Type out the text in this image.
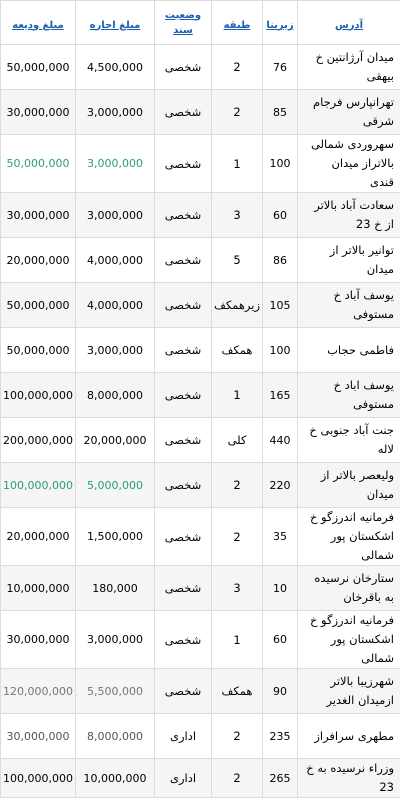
آدرس	زیربنا	طبقه	وضعیت سند	مبلغ اجاره	مبلغ ودیعه
میدان آرژانتین خ بیهقی	76	2	شخصی	4,500,000	50,000,000
تهرانپارس فرجام شرقی	85	2	شخصی	3,000,000	30,000,000
سهروردی شمالی بالاتراز میدان قندی	100	1	شخصی	3,000,000	50,000,000
سعادت آباد بالاتر از خ 23	60	3	شخصی	3,000,000	30,000,000
توانیر بالاتر از میدان	86	5	شخصی	4,000,000	20,000,000
یوسف آباد خ مستوفی	105	زیرهمکف	شخصی	4,000,000	50,000,000
فاطمی حجاب	100	همکف	شخصی	3,000,000	50,000,000
یوسف اباد خ مستوفی	165	1	شخصی	8,000,000	100,000,000
جنت آباد جنوبی خ لاله	440	کلی	شخصی	20,000,000	200,000,000
ولیعصر بالاتر از میدان	220	2	شخصی	5,000,000	100,000,000
فرمانیه اندرزگو خ اشکستان پور شمالی	35	2	شخصی	1,500,000	20,000,000
ستارخان نرسیده به باقرخان	10	3	شخصی	180,000	10,000,000
فرمانیه اندرزگو خ اشکستان پور شمالی	60	1	شخصی	3,000,000	30,000,000
شهرزیبا بالاتر ازمیدان الغدیر	90	همکف	شخصی	5,500,000	120,000,000
مطهری سرافراز	235	2	اداری	8,000,000	30,000,000
وزراء نرسیده به خ 23	265	2	اداری	10,000,000	100,000,000
